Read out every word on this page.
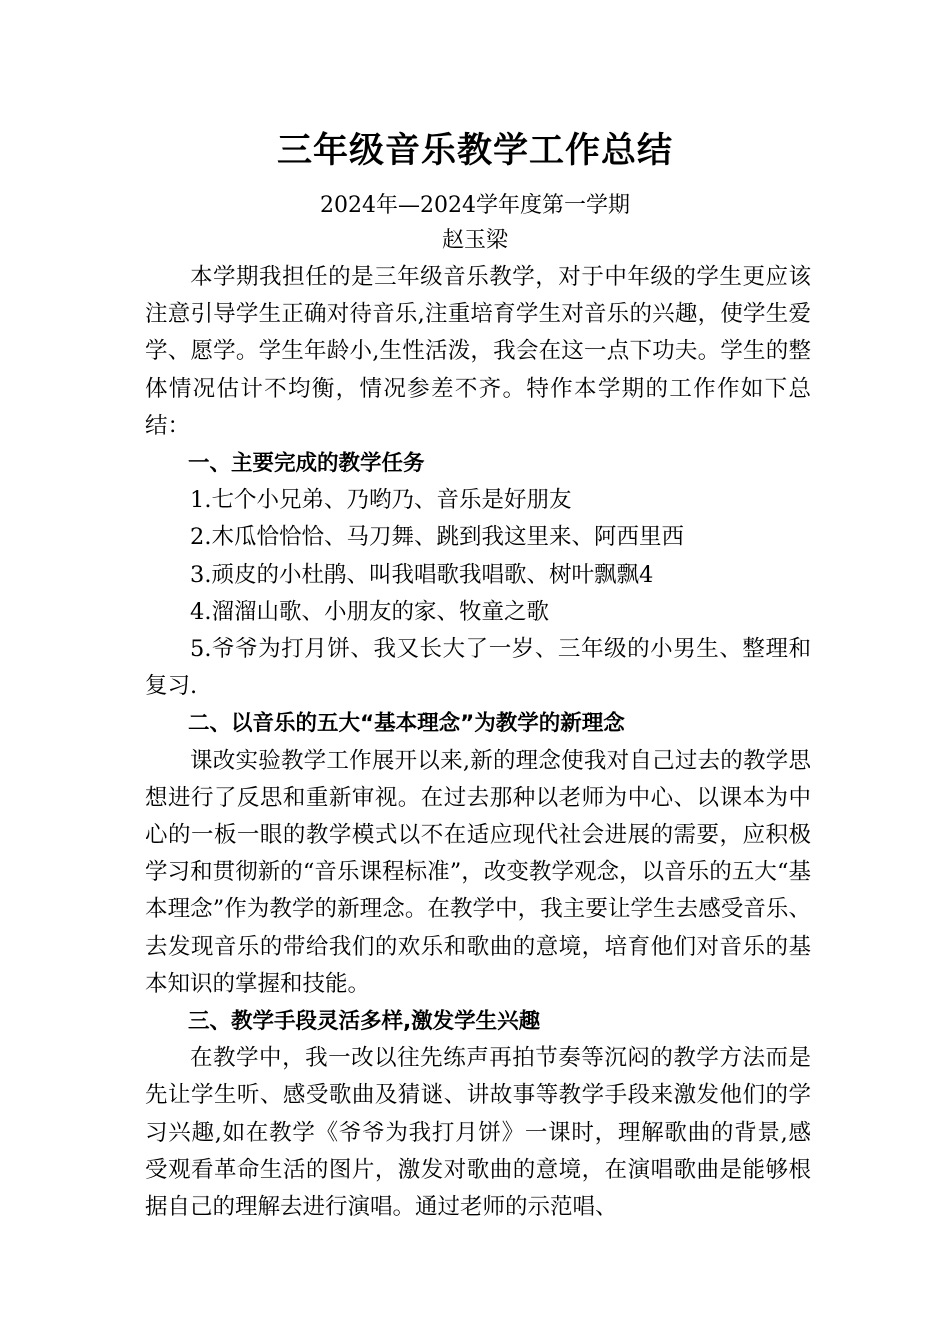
三年级音乐教学工作总结
2024年—2024学年度第一学期
赵玉梁

本学期我担任的是三年级音乐教学，对于中年级的学生更应该注意引导学生正确对待音乐,注重培育学生对音乐的兴趣，使学生爱学、愿学。学生年龄小,生性活泼，我会在这一点下功夫。学生的整体情况估计不均衡，情况参差不齐。特作本学期的工作作如下总结：

一、主要完成的教学任务

1.七个小兄弟、乃哟乃、音乐是好朋友

2.木瓜恰恰恰、马刀舞、跳到我这里来、阿西里西

3.顽皮的小杜鹃、叫我唱歌我唱歌、树叶飘飘4

4.溜溜山歌、小朋友的家、牧童之歌

5.爷爷为打月饼、我又长大了一岁、三年级的小男生、整理和复习.

二、以音乐的五大“基本理念”为教学的新理念

课改实验教学工作展开以来,新的理念使我对自己过去的教学思想进行了反思和重新审视。在过去那种以老师为中心、以课本为中心的一板一眼的教学模式以不在适应现代社会进展的需要，应积极学习和贯彻新的“音乐课程标准”，改变教学观念，以音乐的五大“基本理念”作为教学的新理念。在教学中，我主要让学生去感受音乐、去发现音乐的带给我们的欢乐和歌曲的意境，培育他们对音乐的基本知识的掌握和技能。

三、教学手段灵活多样,激发学生兴趣

在教学中，我一改以往先练声再拍节奏等沉闷的教学方法而是先让学生听、感受歌曲及猜谜、讲故事等教学手段来激发他们的学习兴趣,如在教学《爷爷为我打月饼》一课时，理解歌曲的背景,感受观看革命生活的图片，激发对歌曲的意境，在演唱歌曲是能够根据自己的理解去进行演唱。通过老师的示范唱、
